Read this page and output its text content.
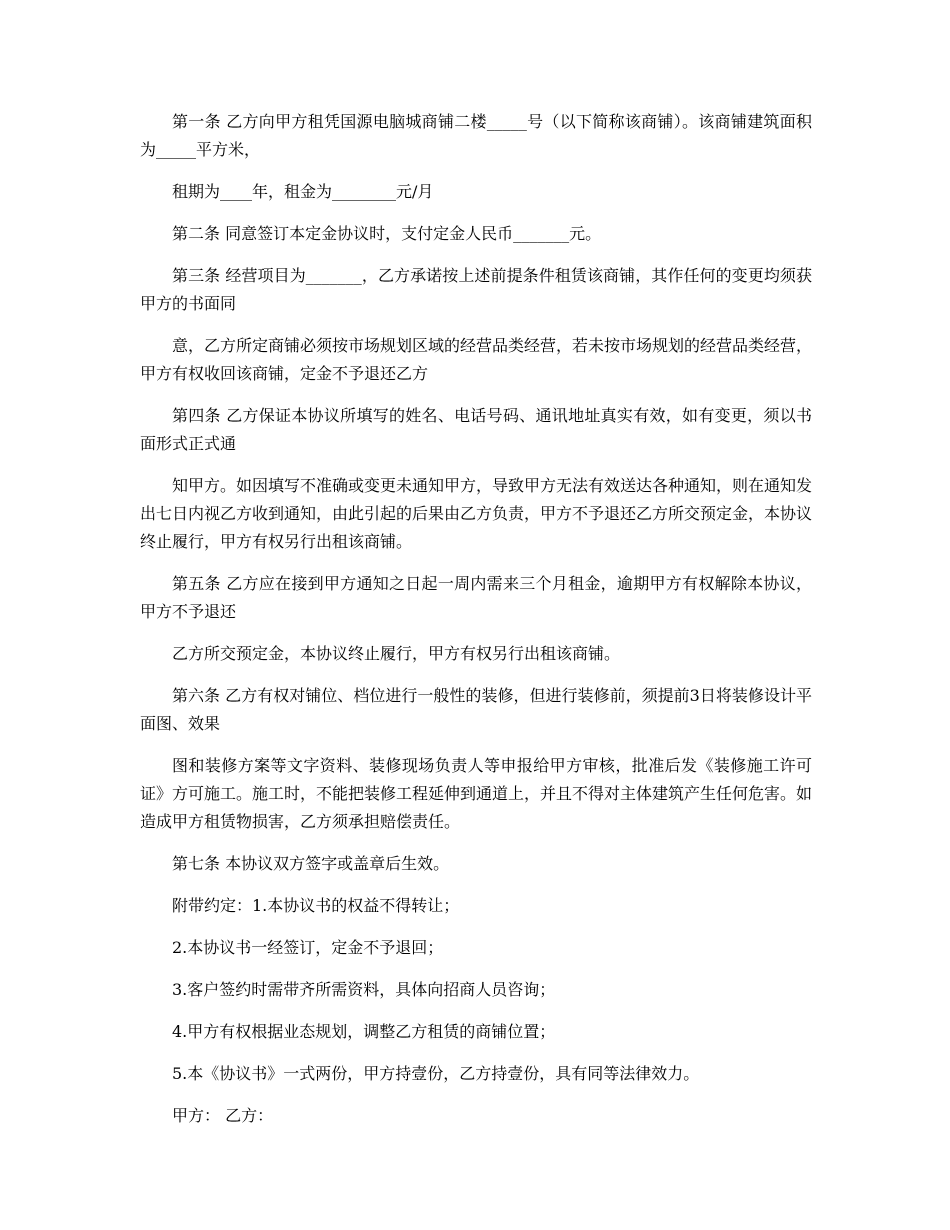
第一条 乙方向甲方租凭国源电脑城商铺二楼_____号（以下简称该商铺）。该商铺建筑面积为_____平方米，

租期为____年，租金为________元/月

第二条 同意签订本定金协议时，支付定金人民币_______元。

第三条 经营项目为_______，乙方承诺按上述前提条件租赁该商铺，其作任何的变更均须获甲方的书面同

意，乙方所定商铺必须按市场规划区域的经营品类经营，若未按市场规划的经营品类经营，甲方有权收回该商铺，定金不予退还乙方

第四条 乙方保证本协议所填写的姓名、电话号码、通讯地址真实有效，如有变更，须以书面形式正式通

知甲方。如因填写不准确或变更未通知甲方，导致甲方无法有效送达各种通知，则在通知发出七日内视乙方收到通知，由此引起的后果由乙方负责，甲方不予退还乙方所交预定金，本协议终止履行，甲方有权另行出租该商铺。

第五条 乙方应在接到甲方通知之日起一周内需来三个月租金，逾期甲方有权解除本协议，甲方不予退还

乙方所交预定金，本协议终止履行，甲方有权另行出租该商铺。

第六条 乙方有权对铺位、档位进行一般性的装修，但进行装修前，须提前3日将装修设计平面图、效果

图和装修方案等文字资料、装修现场负责人等申报给甲方审核，批准后发《装修施工许可证》方可施工。施工时，不能把装修工程延伸到通道上，并且不得对主体建筑产生任何危害。如造成甲方租赁物损害，乙方须承担赔偿责任。

第七条 本协议双方签字或盖章后生效。

附带约定：1.本协议书的权益不得转让；

2.本协议书一经签订，定金不予退回；

3.客户签约时需带齐所需资料，具体向招商人员咨询；

4.甲方有权根据业态规划，调整乙方租赁的商铺位置；

5.本《协议书》一式两份，甲方持壹份，乙方持壹份，具有同等法律效力。

甲方： 乙方：
